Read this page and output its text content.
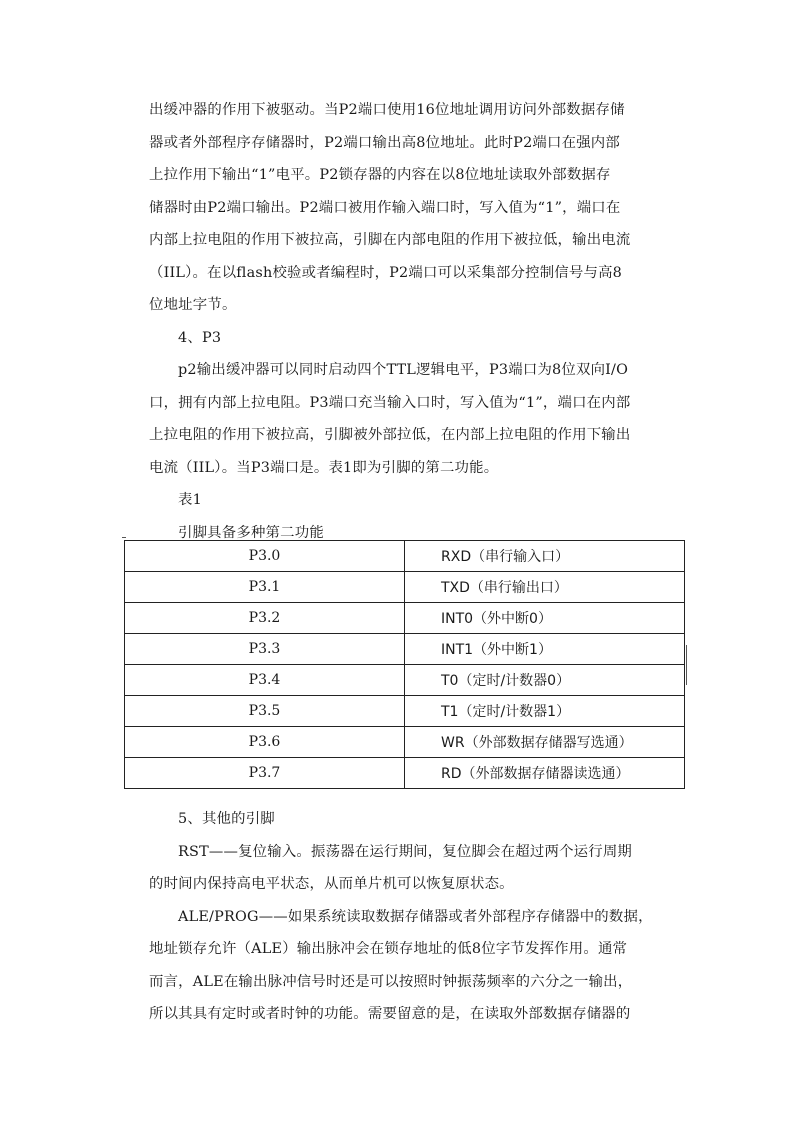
出缓冲器的作用下被驱动。当P2端口使用16位地址调用访问外部数据存储
器或者外部程序存储器时，P2端口输出高8位地址。此时P2端口在强内部
上拉作用下输出“1”电平。P2锁存器的内容在以8位地址读取外部数据存
储器时由P2端口输出。P2端口被用作输入端口时，写入值为“1”，端口在
内部上拉电阻的作用下被拉高，引脚在内部电阻的作用下被拉低，输出电流
（IIL）。在以flash校验或者编程时，P2端口可以采集部分控制信号与高8
位地址字节。

4、P3

p2输出缓冲器可以同时启动四个TTL逻辑电平，P3端口为8位双向I/O
口，拥有内部上拉电阻。P3端口充当输入口时，写入值为“1”，端口在内部
上拉电阻的作用下被拉高，引脚被外部拉低，在内部上拉电阻的作用下输出
电流（IIL）。当P3端口是。表1即为引脚的第二功能。

表1

引脚具备多种第二功能

P3.0	RXD（串行输入口）
P3.1	TXD（串行输出口）
P3.2	INT0（外中断0）
P3.3	INT1（外中断1）
P3.4	T0（定时/计数器0）
P3.5	T1（定时/计数器1）
P3.6	WR（外部数据存储器写选通）
P3.7	RD（外部数据存储器读选通）

5、其他的引脚

RST——复位输入。振荡器在运行期间，复位脚会在超过两个运行周期
的时间内保持高电平状态，从而单片机可以恢复原状态。

ALE/PROG——如果系统读取数据存储器或者外部程序存储器中的数据，
地址锁存允许（ALE）输出脉冲会在锁存地址的低8位字节发挥作用。通常
而言，ALE在输出脉冲信号时还是可以按照时钟振荡频率的六分之一输出，
所以其具有定时或者时钟的功能。需要留意的是，在读取外部数据存储器的
